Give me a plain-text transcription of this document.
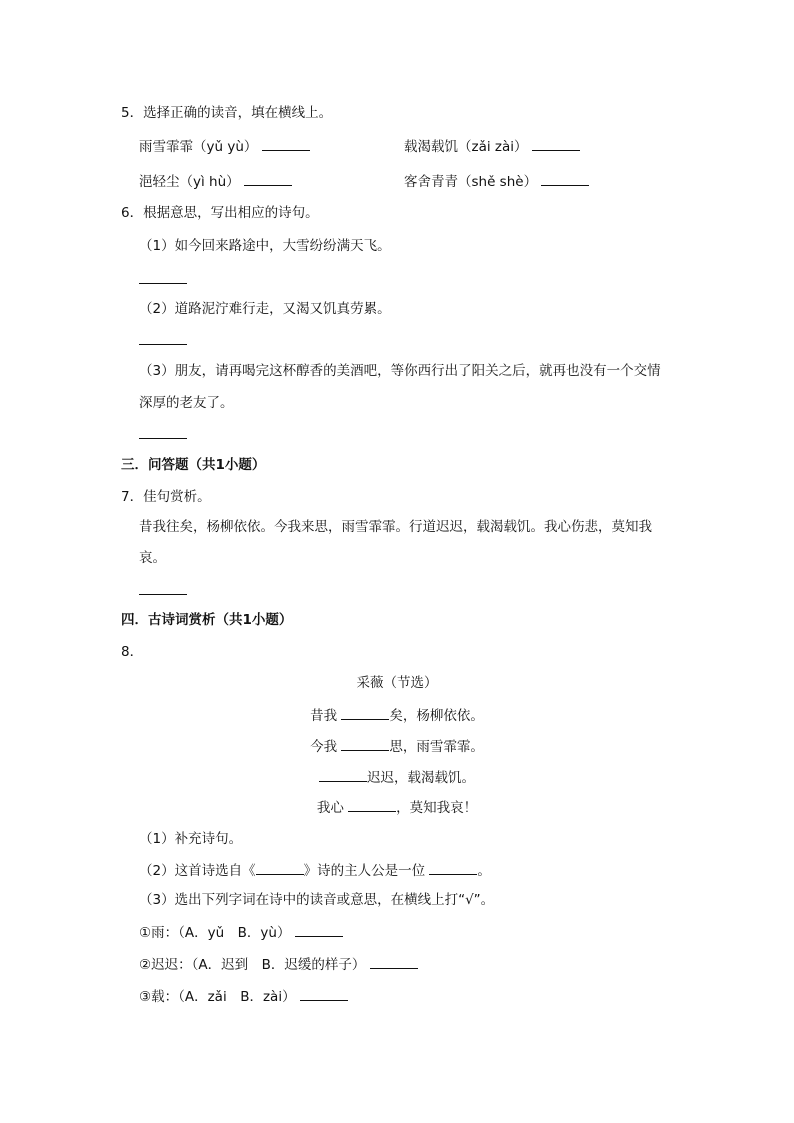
5．选择正确的读音，填在横线上。
雨雪霏霏（yǔ yù）	载渴载饥（zǎi zài）
浥轻尘（yì hù）	客舍青青（shě shè）
6．根据意思，写出相应的诗句。
（1）如今回来路途中，大雪纷纷满天飞。
（2）道路泥泞难行走，又渴又饥真劳累。
（3）朋友，请再喝完这杯醇香的美酒吧，等你西行出了阳关之后，就再也没有一个交情
深厚的老友了。
三．问答题（共1小题）
7．佳句赏析。
昔我往矣，杨柳依依。今我来思，雨雪霏霏。行道迟迟，载渴载饥。我心伤悲，莫知我
哀。
四．古诗词赏析（共1小题）
8．
采薇（节选）
昔我	矣，杨柳依依。
今我	思，雨雪霏霏。
迟迟，载渴载饥。
我心	，莫知我哀！
（1）补充诗句。
（2）这首诗选自《	》诗的主人公是一位	。
（3）选出下列字词在诗中的读音或意思，在横线上打“√”。
①雨：（A．yǔ　B．yù）
②迟迟：（A．迟到　B．迟缓的样子）
③载：（A．zǎi　B．zài）
